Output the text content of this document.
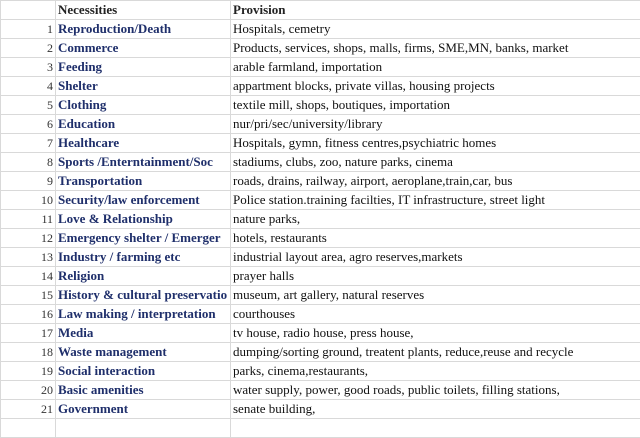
	Necessities	Provision
1	Reproduction/Death	Hospitals, cemetry
2	Commerce	Products, services, shops, malls, firms, SME,MN, banks, market
3	Feeding	arable farmland, importation
4	Shelter	appartment blocks, private villas, housing projects
5	Clothing	textile mill, shops, boutiques, importation
6	Education	nur/pri/sec/university/library
7	Healthcare	Hospitals, gymn, fitness centres,psychiatric homes
8	Sports /Enterntainment/Soc	stadiums, clubs, zoo, nature parks, cinema
9	Transportation	roads, drains, railway, airport, aeroplane,train,car, bus
10	Security/law enforcement	Police station.training facilties, IT infrastructure, street light
11	Love & Relationship	nature parks,
12	Emergency shelter / Emerger	hotels, restaurants
13	Industry / farming etc	industrial layout area, agro reserves,markets
14	Religion	prayer halls
15	History & cultural preservatio	museum, art gallery, natural reserves
16	Law making / interpretation	courthouses
17	Media	tv house, radio house, press house,
18	Waste management	dumping/sorting ground, treatent plants, reduce,reuse and recycle
19	Social interaction	parks, cinema,restaurants,
20	Basic amenities	water supply, power, good roads, public toilets, filling stations,
21	Government	senate building,
